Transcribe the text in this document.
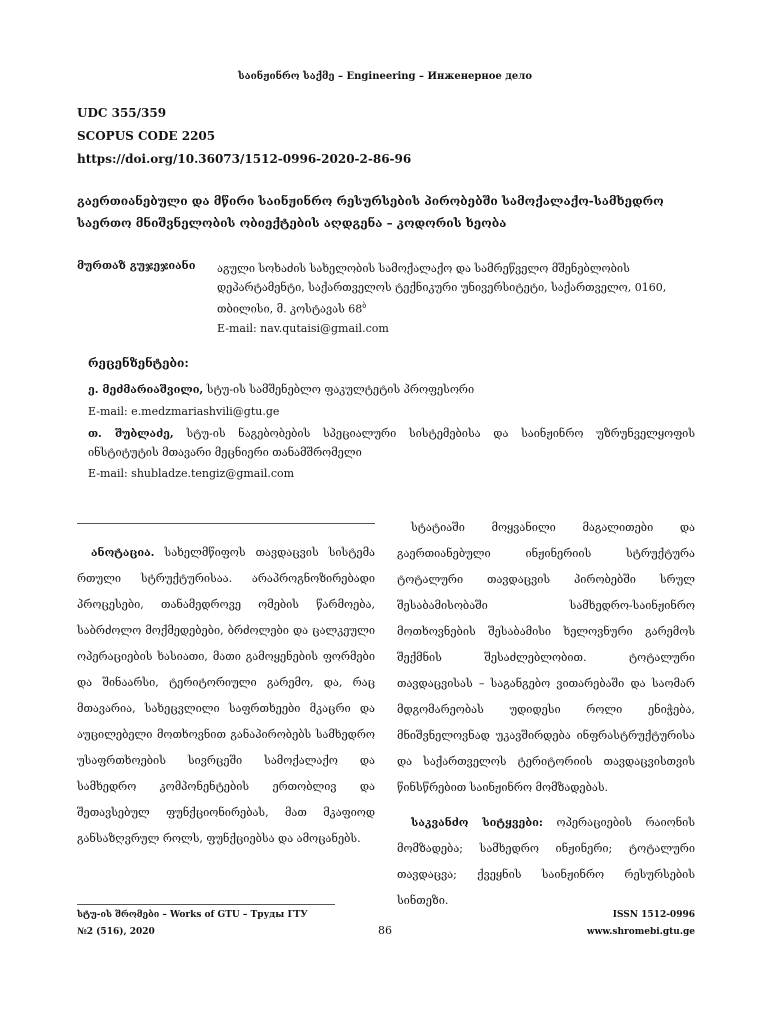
საინჟინრო საქმე – Engineering – Инженерное дело
UDC 355/359
SCOPUS CODE 2205
https://doi.org/10.36073/1512-0996-2020-2-86-96
გაერთიანებული და მწირი საინჟინრო რესურსების პირობებში სამოქალაქო-სამხედრო საერთო მნიშვნელობის ობიექტების აღდგენა – კოდორის ხეობა
მურთაზ გუჯეჯიანი აგული სოხაძის სახელობის სამოქალაქო და სამრეწველო მშენებლობის
დეპარტამენტი, საქართველოს ტექნიკური უნივერსიტეტი, საქართველო, 0160,
თბილისი, მ. კოსტავას $68^ბ$
E-mail: nav.qutaisi@gmail.com
რეცენზენტები:
ე. მეძმარიაშვილი, სტუ-ის სამშენებლო ფაკულტეტის პროფესორი
E-mail: e.medzmariashvili@gtu.ge
თ. შუბლაძე, სტუ-ის ნაგებობების სპეციალური სისტემებისა და საინჟინრო უზრუნველყოფის ინსტიტუტის მთავარი მეცნიერი თანამშრომელი
E-mail: shubladze.tengiz@gmail.com
ანოტაცია. სახელმწიფოს თავდაცვის სისტემა რთული სტრუქტურისაა. არაპროგნოზირებადი პროცესები, თანამედროვე ომების წარმოება, საბრძოლო მოქმედებები, ბრძოლები და ცალკეული ოპერაციების ხასიათი, მათი გამოყენების ფორმები და შინაარსი, ტერიტორიული გარემო, და, რაც მთავარია, სახეცვლილი საფრთხეები მკაცრი და აუცილებელი მოთხოვნით განაპირობებს სამხედრო უსაფრთხოების სივრცეში სამოქალაქო და სამხედრო კომპონენტების ერთობლივ და შეთავსებულ ფუნქციონირებას, მათ მკაფიოდ განსაზღვრულ როლს, ფუნქციებსა და ამოცანებს.
სტატიაში მოყვანილი მაგალითები და გაერთიანებული ინჟინერიის სტრუქტურა ტოტალური თავდაცვის პირობებში სრულ შესაბამისობაში სამხედრო-საინჟინრო მოთხოვნების შესაბამისი ხელოვნური გარემოს შექმნის შესაძლებლობით. ტოტალური თავდაცვისას – საგანგებო ვითარებაში და საომარ მდგომარეობას უდიდესი როლი ენიჭება, მნიშვნელოვნად უკავშირდება ინფრასტრუქტურისა და საქართველოს ტერიტორიის თავდაცვისთვის წინსწრებით საინჟინრო მომზადებას.
საკვანძო სიტყვები: ოპერაციების რაიონის მომზადება; სამხედრო ინჟინერი; ტოტალური თავდაცვა; ქვეყნის საინჟინრო რესურსების სინთეზი.
სტუ-ის შრომები – Works of GTU – Труды ГТУ
№2 (516), 2020	86
ISSN 1512-0996
www.shromebi.gtu.ge
